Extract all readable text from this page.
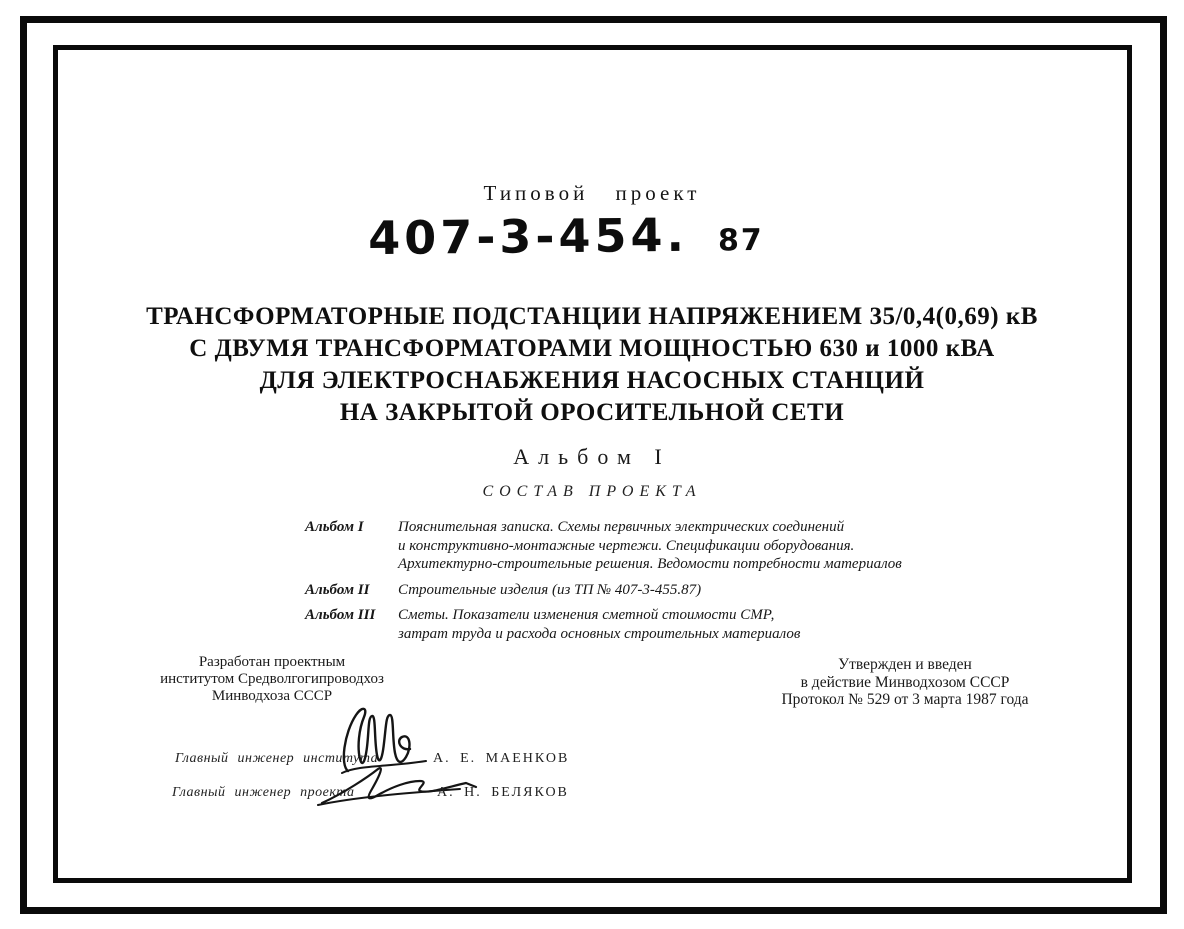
Типовой проект
407-3-454. 87
ТРАНСФОРМАТОРНЫЕ ПОДСТАНЦИИ НАПРЯЖЕНИЕМ 35/0,4(0,69) кВ
С ДВУМЯ ТРАНСФОРМАТОРАМИ МОЩНОСТЬЮ 630 и 1000 кВА
ДЛЯ ЭЛЕКТРОСНАБЖЕНИЯ НАСОСНЫХ СТАНЦИЙ
НА ЗАКРЫТОЙ ОРОСИТЕЛЬНОЙ СЕТИ
Альбом I
СОСТАВ ПРОЕКТА
Альбом I	Пояснительная записка. Схемы первичных электрических соединений
и конструктивно-монтажные чертежи. Спецификации оборудования.
Архитектурно-строительные решения. Ведомости потребности материалов
Альбом II	Строительные изделия (из ТП № 407-3-455.87)
Альбом III	Сметы. Показатели изменения сметной стоимости СМР,
затрат труда и расхода основных строительных материалов
Разработан проектным
институтом Средволгогипроводхоз
Минводхоза СССР
Утвержден и введен
в действие Минводхозом СССР
Протокол № 529 от 3 марта 1987 года
Главный инженер института	А. Е. МАЕНКОВ
Главный инженер проекта	А. Н. БЕЛЯКОВ
